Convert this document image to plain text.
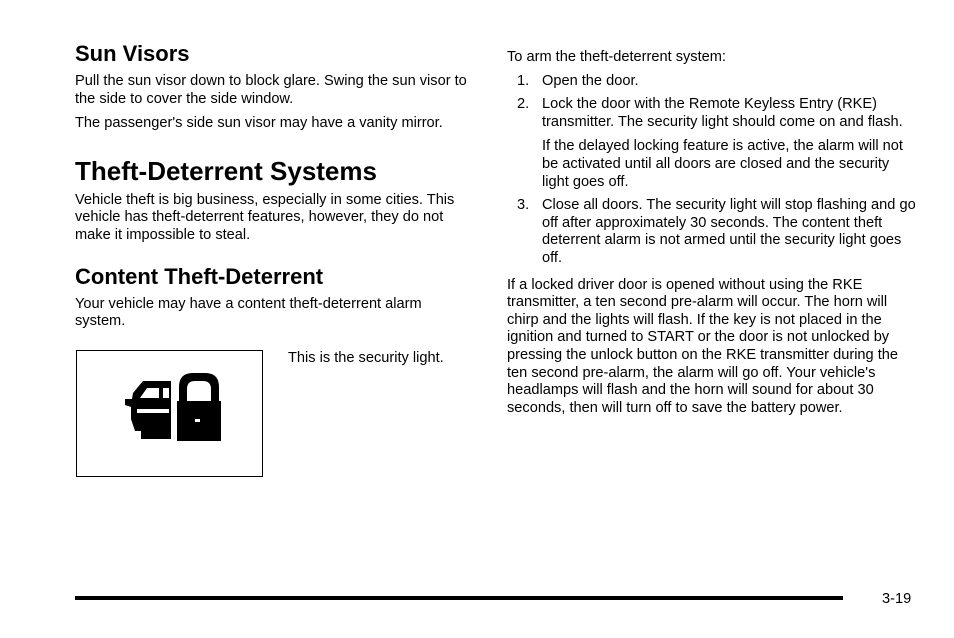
Sun Visors

Pull the sun visor down to block glare. Swing the sun visor to the side to cover the side window.

The passenger's side sun visor may have a vanity mirror.

Theft-Deterrent Systems

Vehicle theft is big business, especially in some cities. This vehicle has theft-deterrent features, however, they do not make it impossible to steal.

Content Theft-Deterrent

Your vehicle may have a content theft-deterrent alarm system.

This is the security light.

To arm the theft-deterrent system:

1. Open the door.
2. Lock the door with the Remote Keyless Entry (RKE) transmitter. The security light should come on and flash.
If the delayed locking feature is active, the alarm will not be activated until all doors are closed and the security light goes off.
3. Close all doors. The security light will stop flashing and go off after approximately 30 seconds. The content theft deterrent alarm is not armed until the security light goes off.

If a locked driver door is opened without using the RKE transmitter, a ten second pre-alarm will occur. The horn will chirp and the lights will flash. If the key is not placed in the ignition and turned to START or the door is not unlocked by pressing the unlock button on the RKE transmitter during the ten second pre-alarm, the alarm will go off. Your vehicle's headlamps will flash and the horn will sound for about 30 seconds, then will turn off to save the battery power.

3-19
